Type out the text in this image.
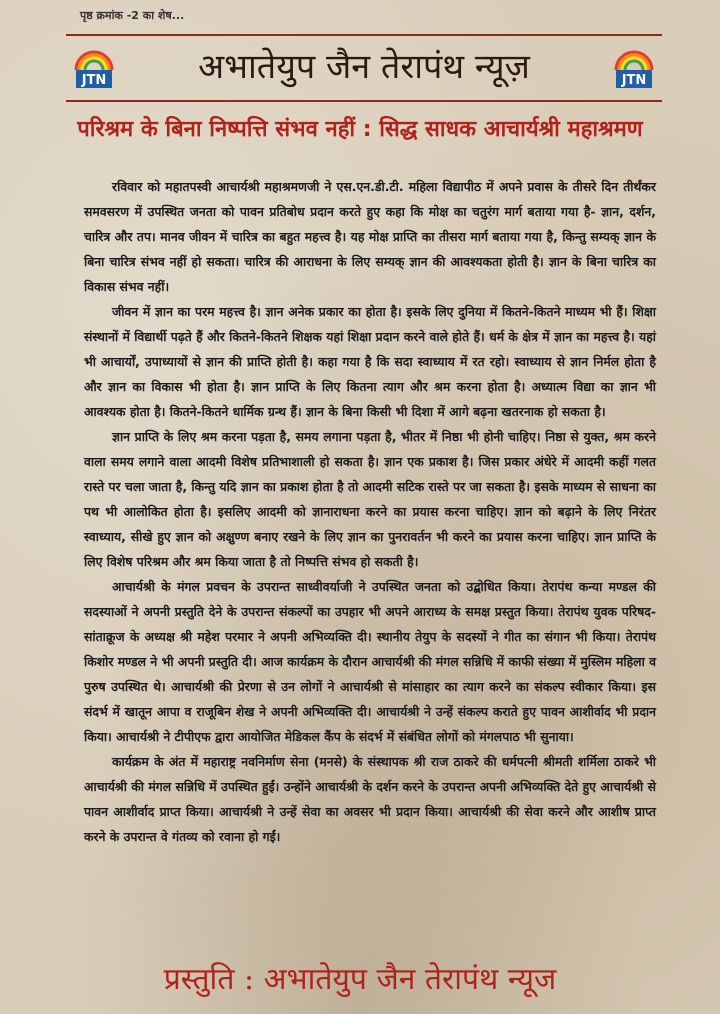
पृष्ठ क्रमांक -2 का शेष...
JTN	अभातेयुप जैन तेरापंथ न्यूज़	JTN
परिश्रम के बिना निष्पत्ति संभव नहीं : सिद्ध साधक आचार्यश्री महाश्रमण

रविवार को महातपस्वी आचार्यश्री महाश्रमणजी ने एस.एन.डी.टी. महिला विद्यापीठ में अपने प्रवास के तीसरे दिन तीर्थंकर समवसरण में उपस्थित जनता को पावन प्रतिबोध प्रदान करते हुए कहा कि मोक्ष का चतुरंग मार्ग बताया गया है- ज्ञान, दर्शन, चारित्र और तप। मानव जीवन में चारित्र का बहुत महत्त्व है। यह मोक्ष प्राप्ति का तीसरा मार्ग बताया गया है, किन्तु सम्यक् ज्ञान के बिना चारित्र संभव नहीं हो सकता। चारित्र की आराधना के लिए सम्यक् ज्ञान की आवश्यकता होती है। ज्ञान के बिना चारित्र का विकास संभव नहीं।

जीवन में ज्ञान का परम महत्त्व है। ज्ञान अनेक प्रकार का होता है। इसके लिए दुनिया में कितने-कितने माध्यम भी हैं। शिक्षा संस्थानों में विद्यार्थी पढ़ते हैं और कितने-कितने शिक्षक यहां शिक्षा प्रदान करने वाले होते हैं। धर्म के क्षेत्र में ज्ञान का महत्त्व है। यहां भी आचार्यों, उपाध्यायों से ज्ञान की प्राप्ति होती है। कहा गया है कि सदा स्वाध्याय में रत रहो। स्वाध्याय से ज्ञान निर्मल होता है और ज्ञान का विकास भी होता है। ज्ञान प्राप्ति के लिए कितना त्याग और श्रम करना होता है। अध्यात्म विद्या का ज्ञान भी आवश्यक होता है। कितने-कितने धार्मिक ग्रन्थ हैं। ज्ञान के बिना किसी भी दिशा में आगे बढ़ना खतरनाक हो सकता है।

ज्ञान प्राप्ति के लिए श्रम करना पड़ता है, समय लगाना पड़ता है, भीतर में निष्ठा भी होनी चाहिए। निष्ठा से युक्त, श्रम करने वाला समय लगाने वाला आदमी विशेष प्रतिभाशाली हो सकता है। ज्ञान एक प्रकाश है। जिस प्रकार अंधेरे में आदमी कहीं गलत रास्ते पर चला जाता है, किन्तु यदि ज्ञान का प्रकाश होता है तो आदमी सटिक रास्ते पर जा सकता है। इसके माध्यम से साधना का पथ भी आलोकित होता है। इसलिए आदमी को ज्ञानाराधना करने का प्रयास करना चाहिए। ज्ञान को बढ़ाने के लिए निरंतर स्वाध्याय, सीखे हुए ज्ञान को अक्षुण्ण बनाए रखने के लिए ज्ञान का पुनरावर्तन भी करने का प्रयास करना चाहिए। ज्ञान प्राप्ति के लिए विशेष परिश्रम और श्रम किया जाता है तो निष्पत्ति संभव हो सकती है।

आचार्यश्री के मंगल प्रवचन के उपरान्त साध्वीवर्याजी ने उपस्थित जनता को उद्बोधित किया। तेरापंथ कन्या मण्डल की सदस्याओं ने अपनी प्रस्तुति देने के उपरान्त संकल्पों का उपहार भी अपने आराध्य के समक्ष प्रस्तुत किया। तेरापंथ युवक परिषद-सांताक्रूज के अध्यक्ष श्री महेश परमार ने अपनी अभिव्यक्ति दी। स्थानीय तेयुप के सदस्यों ने गीत का संगान भी किया। तेरापंथ किशोर मण्डल ने भी अपनी प्रस्तुति दी। आज कार्यक्रम के दौरान आचार्यश्री की मंगल सन्निधि में काफी संख्या में मुस्लिम महिला व पुरुष उपस्थित थे। आचार्यश्री की प्रेरणा से उन लोगों ने आचार्यश्री से मांसाहार का त्याग करने का संकल्प स्वीकार किया। इस संदर्भ में खातून आपा व राजूबिन शेख ने अपनी अभिव्यक्ति दी। आचार्यश्री ने उन्हें संकल्प कराते हुए पावन आशीर्वाद भी प्रदान किया। आचार्यश्री ने टीपीएफ द्वारा आयोजित मेडिकल कैंप के संदर्भ में संबंधित लोगों को मंगलपाठ भी सुनाया।

कार्यक्रम के अंत में महाराष्ट्र नवनिर्माण सेना (मनसे) के संस्थापक श्री राज ठाकरे की धर्मपत्नी श्रीमती शर्मिला ठाकरे भी आचार्यश्री की मंगल सन्निधि में उपस्थित हुईं। उन्होंने आचार्यश्री के दर्शन करने के उपरान्त अपनी अभिव्यक्ति देते हुए आचार्यश्री से पावन आशीर्वाद प्राप्त किया। आचार्यश्री ने उन्हें सेवा का अवसर भी प्रदान किया। आचार्यश्री की सेवा करने और आशीष प्राप्त करने के उपरान्त वे गंतव्य को रवाना हो गईं।

प्रस्तुति : अभातेयुप जैन तेरापंथ न्यूज
